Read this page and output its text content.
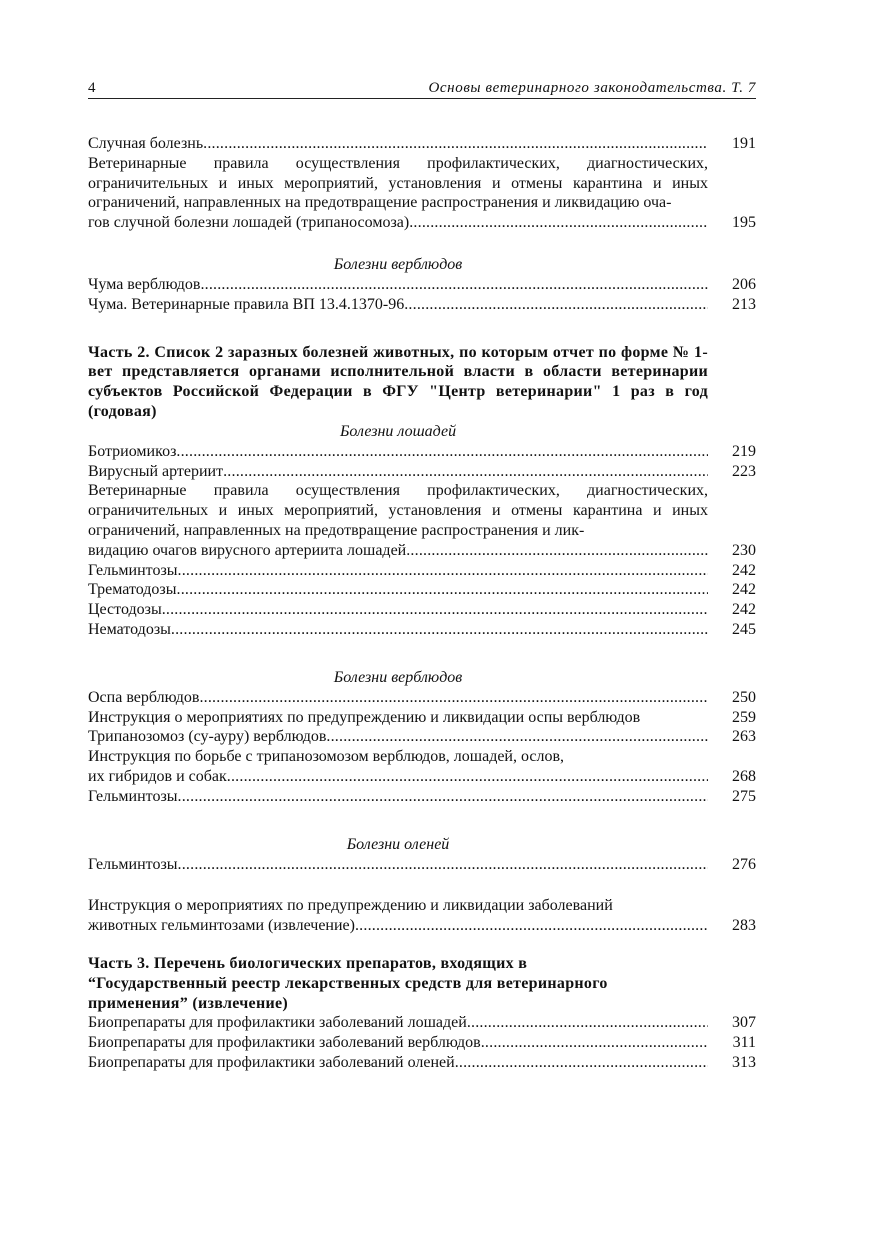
4	Основы ветеринарного законодательства. Т. 7
Случная болезнь .....	191
Ветеринарные правила осуществления профилактических, диагностических, ограничительных и иных мероприятий, установления и отмены карантина и иных ограничений, направленных на предотвращение распространения и ликвидацию оча-
гов случной болезни лошадей (трипаносомоза) .....	195
Болезни верблюдов
Чума верблюдов .....	206
Чума. Ветеринарные правила ВП 13.4.1370-96 .....	213
Часть 2. Список 2 заразных болезней животных, по которым отчет по форме № 1-вет представляется органами исполнительной власти в области ветеринарии субъектов Российской Федерации в ФГУ "Центр ветеринарии" 1 раз в год (годовая)
Болезни лошадей
Ботриомикоз .....	219
Вирусный артериит .....	223
Ветеринарные правила осуществления профилактических, диагностических, ограничительных и иных мероприятий, установления и отмены карантина и иных ограничений, направленных на предотвращение распространения и лик-
видацию очагов вирусного артериита лошадей .....	230
Гельминтозы .....	242
Трематодозы .....	242
Цестодозы .....	242
Нематодозы .....	245
Болезни верблюдов
Оспа верблюдов .....	250
Инструкция о мероприятиях по предупреждению и ликвидации оспы верблюдов	259
Трипанозомоз (су-ауру) верблюдов .....	263
Инструкция по борьбе с трипанозомозом верблюдов, лошадей, ослов,
их гибридов и собак .....	268
Гельминтозы .....	275
Болезни оленей
Гельминтозы .....	276
Инструкция о мероприятиях по предупреждению и ликвидации заболеваний
животных гельминтозами (извлечение) .....	283
Часть 3. Перечень биологических препаратов, входящих в “Государственный реестр лекарственных средств для ветеринарного применения” (извлечение)
Биопрепараты для профилактики заболеваний лошадей .....	307
Биопрепараты для профилактики заболеваний верблюдов .....	311
Биопрепараты для профилактики заболеваний оленей .....	313
